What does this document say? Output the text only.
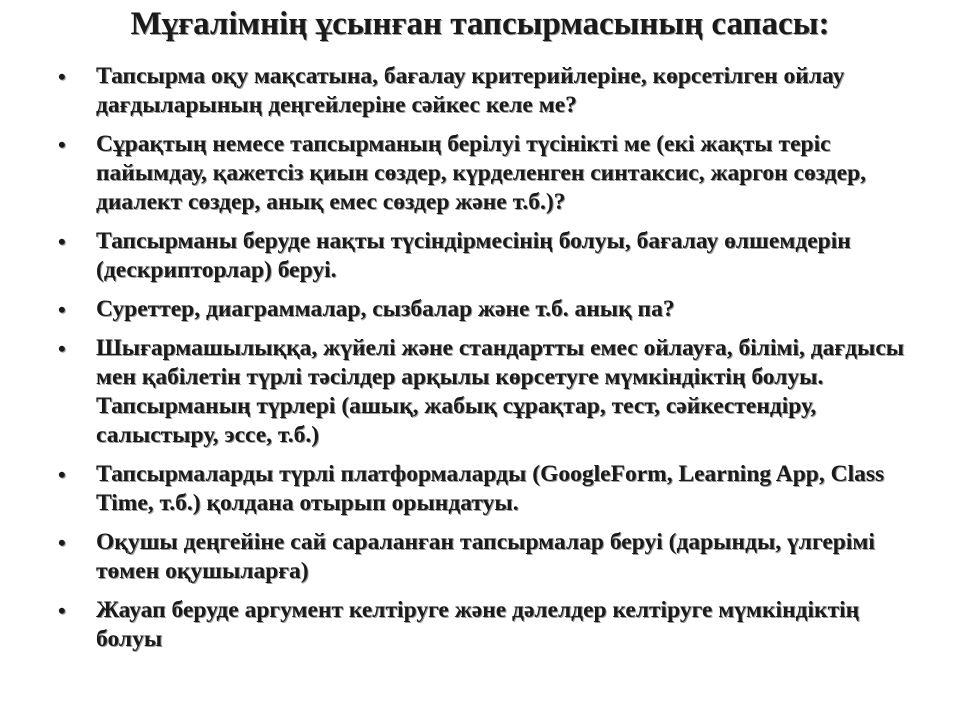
Мұғалімнің ұсынған тапсырмасының сапасы:
•	Тапсырма оқу мақсатына, бағалау критерийлеріне, көрсетілген ойлау дағдыларының деңгейлеріне сәйкес келе ме?
•	Сұрақтың немесе тапсырманың берілуі түсінікті ме (екі жақты теріс пайымдау, қажетсіз қиын сөздер, күрделенген синтаксис, жаргон сөздер, диалект сөздер, анық емес сөздер және т.б.)?
•	Тапсырманы беруде нақты түсіндірмесінің болуы, бағалау өлшемдерін (дескрипторлар) беруі.
•	Суреттер, диаграммалар, сызбалар және т.б. анық па?
•	Шығармашылыққа, жүйелі және стандартты емес ойлауға, білімі, дағдысы мен қабілетін түрлі тәсілдер арқылы көрсетуге мүмкіндіктің болуы. Тапсырманың түрлері (ашық, жабық сұрақтар, тест, сәйкестендіру, салыстыру, эссе, т.б.)
•	Тапсырмаларды түрлі платформаларды (GoogleForm, Learning App, Class Time, т.б.) қолдана отырып орындатуы.
•	Оқушы деңгейіне сай сараланған тапсырмалар беруі (дарынды, үлгерімі төмен оқушыларға)
•	Жауап беруде аргумент келтіруге және дәлелдер келтіруге мүмкіндіктің болуы
